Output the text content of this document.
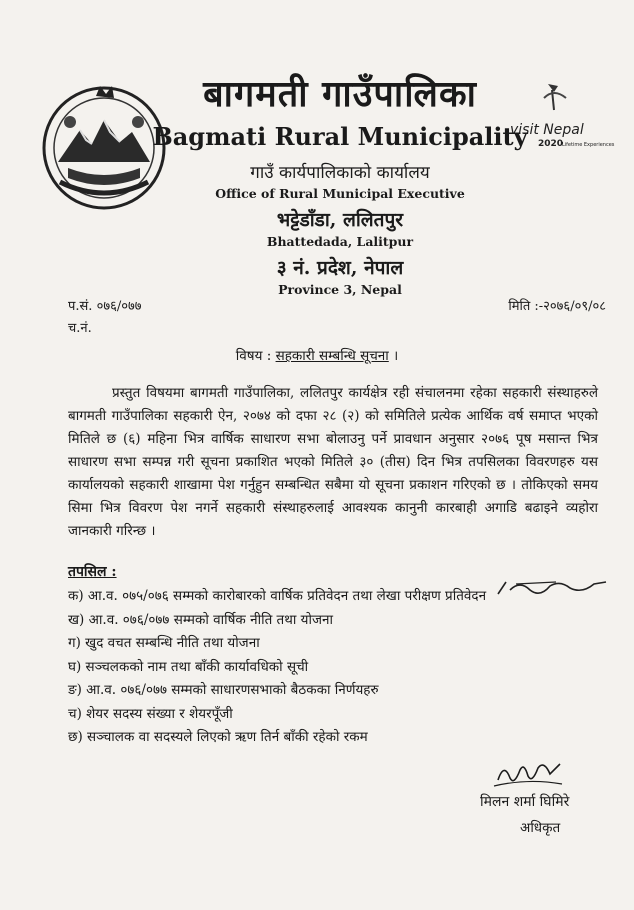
visit Nepal
2020
Lifetime Experiences
बागमती गाउँपालिका
Bagmati Rural Municipality
गाउँ कार्यपालिकाको कार्यालय
Office of Rural Municipal Executive
भट्टेडाँडा, ललितपुर
Bhattedada, Lalitpur
३ नं. प्रदेश, नेपाल
Province 3, Nepal
प.सं. ०७६/०७७
च.नं.
मिति :-२०७६/०९/०८
विषय : सहकारी सम्बन्धि सूचना ।

प्रस्तुत विषयमा बागमती गाउँपालिका, ललितपुर कार्यक्षेत्र रही संचालनमा रहेका सहकारी संस्थाहरुले बागमती गाउँपालिका सहकारी ऐन, २०७४ को दफा २८ (२) को समितिले प्रत्येक आर्थिक वर्ष समाप्त भएको मितिले छ (६) महिना भित्र वार्षिक साधारण सभा बोलाउनु पर्ने प्रावधान अनुसार २०७६ पूष मसान्त भित्र साधारण सभा सम्पन्न गरी सूचना प्रकाशित भएको मितिले ३० (तीस) दिन भित्र तपसिलका विवरणहरु यस कार्यालयको सहकारी शाखामा पेश गर्नुहुन सम्बन्धित सबैमा यो सूचना प्रकाशन गरिएको छ । तोकिएको समय सिमा भित्र विवरण पेश नगर्ने सहकारी संस्थाहरुलाई आवश्यक कानुनी कारबाही अगाडि बढाइने व्यहोरा जानकारी गरिन्छ ।

तपसिल :
क) आ.व. ०७५/०७६ सम्मको कारोबारको वार्षिक प्रतिवेदन तथा लेखा परीक्षण प्रतिवेदन
ख) आ.व. ०७६/०७७ सम्मको वार्षिक नीति तथा योजना
ग) खुद वचत सम्बन्धि नीति तथा योजना
घ) सञ्चलकको नाम तथा बाँकी कार्यावधिको सूची
ङ) आ.व. ०७६/०७७ सम्मको साधारणसभाको बैठकका निर्णयहरु
च) शेयर सदस्य संख्या र शेयरपूँजी
छ) सञ्चालक वा सदस्यले लिएको ऋण तिर्न बाँकी रहेको रकम
मिलन शर्मा घिमिरे
अधिकृत
